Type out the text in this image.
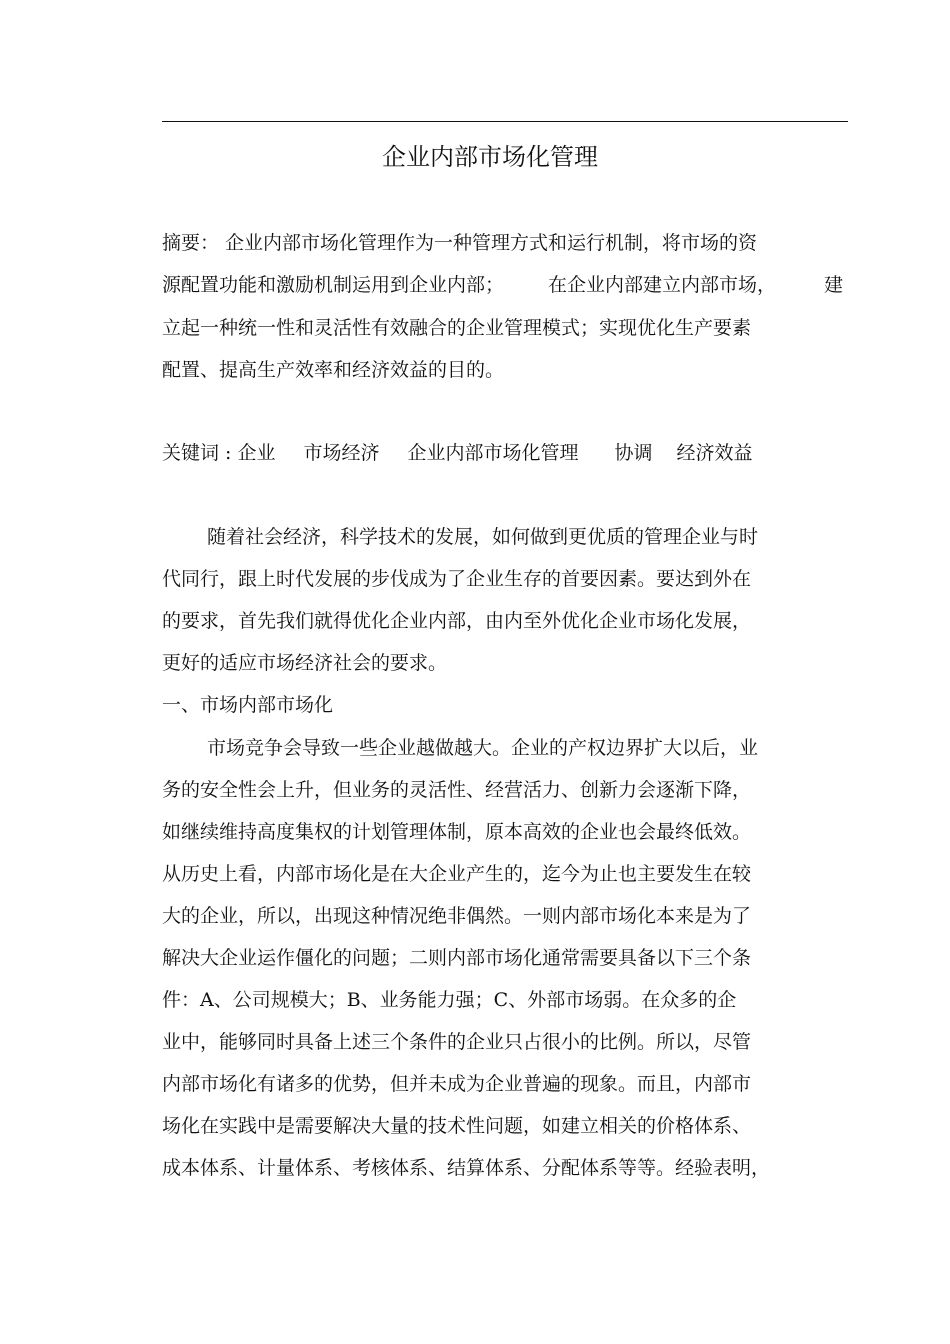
企业内部市场化管理
摘要： 企业内部市场化管理作为一种管理方式和运行机制，将市场的资
源配置功能和激励机制运用到企业内部； 在企业内部建立内部市场，	建
立起一种统一性和灵活性有效融合的企业管理模式；实现优化生产要素
配置、提高生产效率和经济效益的目的。
关键词 : 企业 市场经济 企业内部市场化管理 协调 经济效益
随着社会经济，科学技术的发展，如何做到更优质的管理企业与时
代同行，跟上时代发展的步伐成为了企业生存的首要因素。要达到外在
的要求，首先我们就得优化企业内部，由内至外优化企业市场化发展，
更好的适应市场经济社会的要求。
一、市场内部市场化
市场竞争会导致一些企业越做越大。企业的产权边界扩大以后，业
务的安全性会上升，但业务的灵活性、经营活力、创新力会逐渐下降，
如继续维持高度集权的计划管理体制，原本高效的企业也会最终低效。
从历史上看，内部市场化是在大企业产生的，迄今为止也主要发生在较
大的企业，所以，出现这种情况绝非偶然。一则内部市场化本来是为了
解决大企业运作僵化的问题；二则内部市场化通常需要具备以下三个条
件：A、公司规模大；B、业务能力强；C、外部市场弱。在众多的企
业中，能够同时具备上述三个条件的企业只占很小的比例。所以，尽管
内部市场化有诸多的优势，但并未成为企业普遍的现象。而且，内部市
场化在实践中是需要解决大量的技术性问题，如建立相关的价格体系、
成本体系、计量体系、考核体系、结算体系、分配体系等等。经验表明，
